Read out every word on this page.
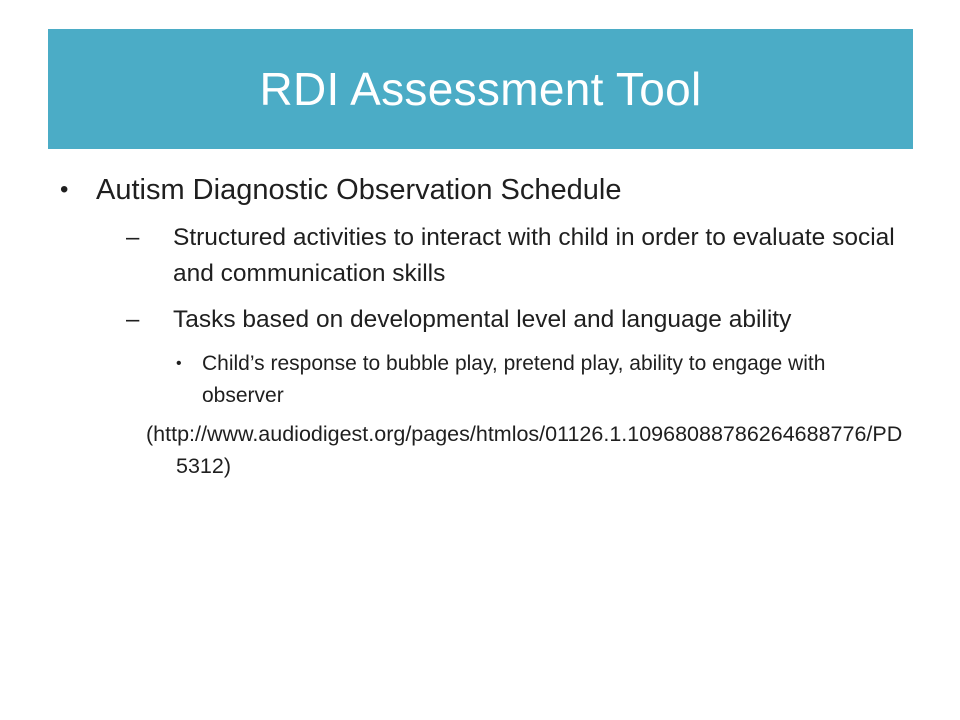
RDI Assessment Tool
• Autism Diagnostic Observation Schedule
– Structured activities to interact with child in order to evaluate social and communication skills
– Tasks based on developmental level and language ability
• Child’s response to bubble play, pretend play, ability to engage with observer
(http://www.audiodigest.org/pages/htmlos/01126.1.10968088786264688776/PD5312)
